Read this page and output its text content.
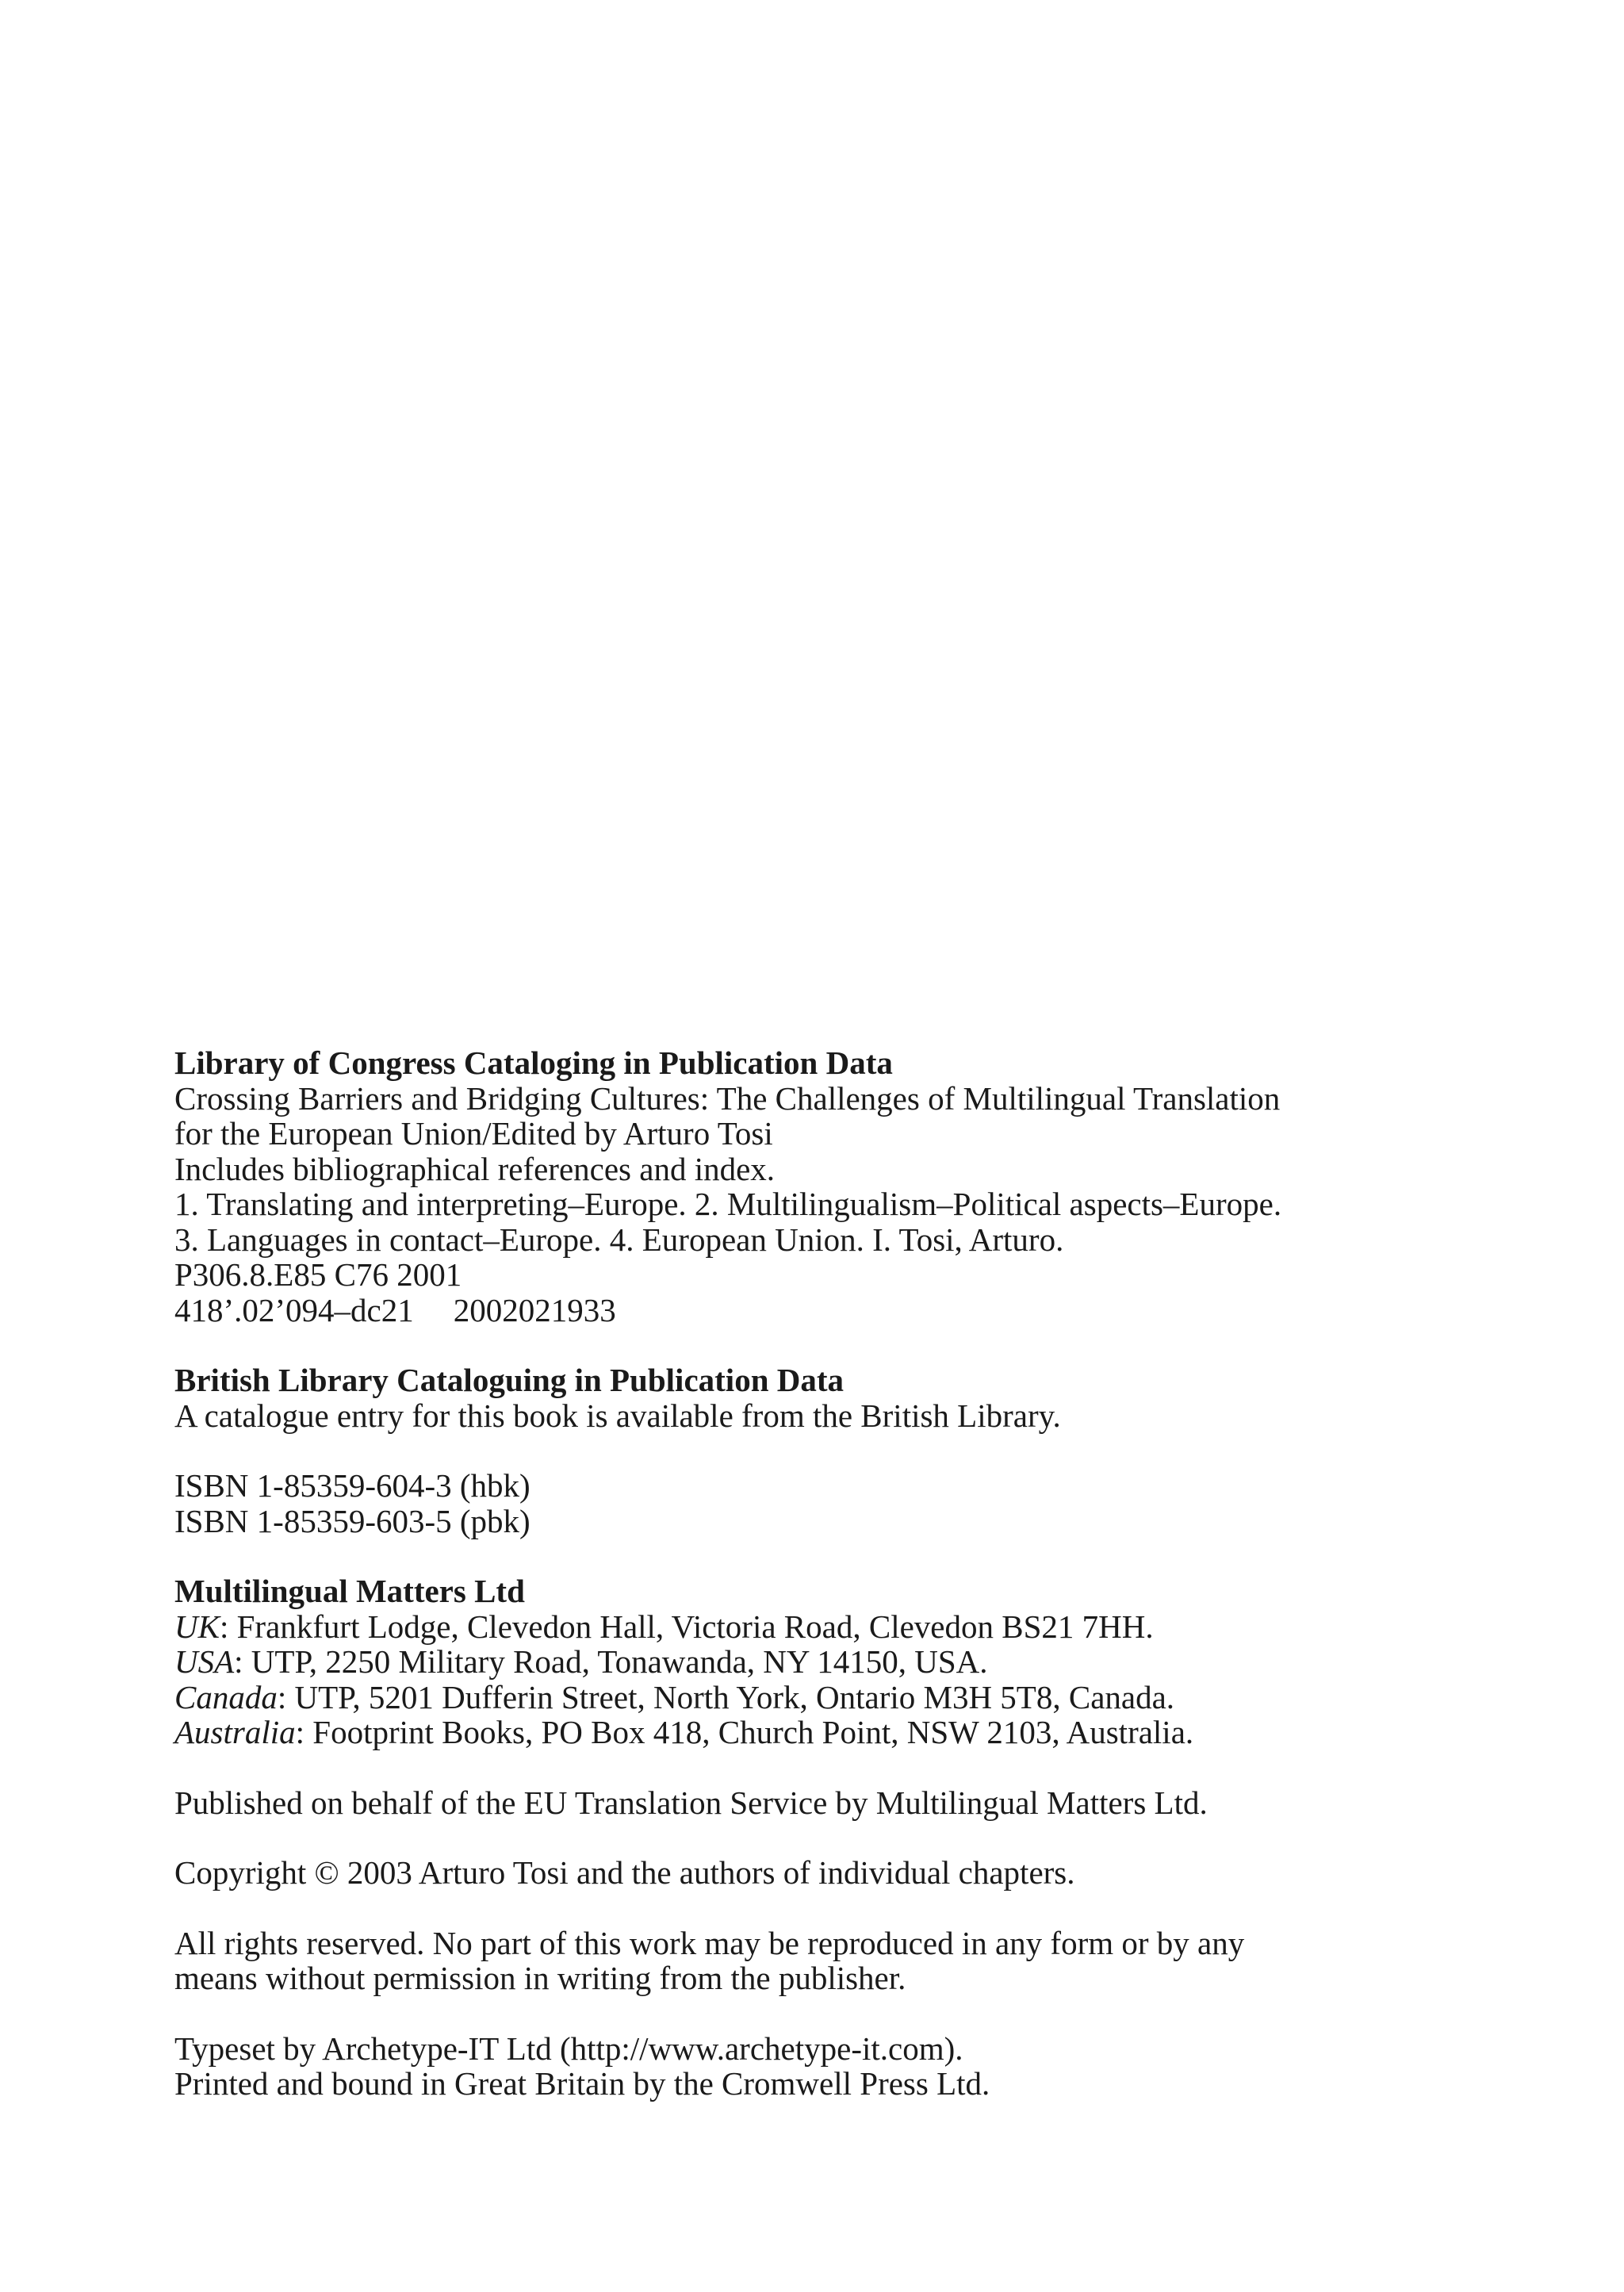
Library of Congress Cataloging in Publication Data
Crossing Barriers and Bridging Cultures: The Challenges of Multilingual Translation
for the European Union/Edited by Arturo Tosi
Includes bibliographical references and index.
1. Translating and interpreting–Europe. 2. Multilingualism–Political aspects–Europe.
3. Languages in contact–Europe. 4. European Union. I. Tosi, Arturo.
P306.8.E85 C76 2001
418’.02’094–dc21 2002021933
British Library Cataloguing in Publication Data
A catalogue entry for this book is available from the British Library.
ISBN 1-85359-604-3 (hbk)
ISBN 1-85359-603-5 (pbk)
Multilingual Matters Ltd
UK: Frankfurt Lodge, Clevedon Hall, Victoria Road, Clevedon BS21 7HH.
USA: UTP, 2250 Military Road, Tonawanda, NY 14150, USA.
Canada: UTP, 5201 Dufferin Street, North York, Ontario M3H 5T8, Canada.
Australia: Footprint Books, PO Box 418, Church Point, NSW 2103, Australia.
Published on behalf of the EU Translation Service by Multilingual Matters Ltd.
Copyright © 2003 Arturo Tosi and the authors of individual chapters.
All rights reserved. No part of this work may be reproduced in any form or by any
means without permission in writing from the publisher.
Typeset by Archetype-IT Ltd (http://www.archetype-it.com).
Printed and bound in Great Britain by the Cromwell Press Ltd.
